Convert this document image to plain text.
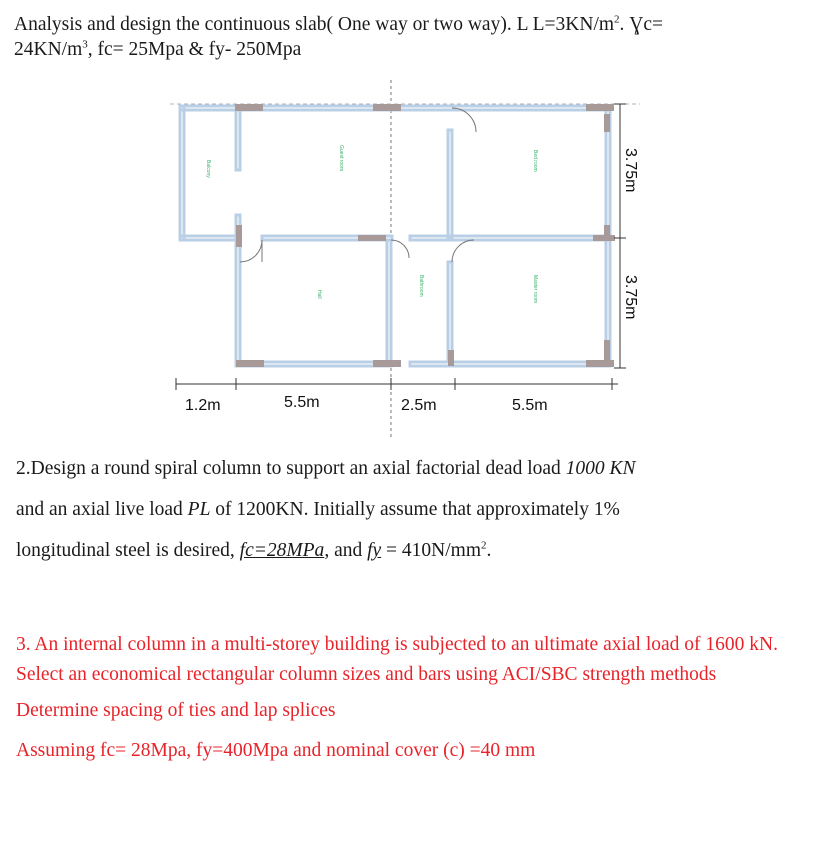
Analysis and design the continuous slab( One way or two way). L $L=3KN/m^2$. Ɣc=
$24KN/m^3$, fc= 25Mpa & fy- 250Mpa
Balcony	Guest room	Bed room
Hall	Bathroom	Master room
1.2m	5.5m	2.5m	5.5m
3.75m
3.75m

2.Design a round spiral column to support an axial factorial dead load 1000 KN

and an axial live load PL of 1200KN. Initially assume that approximately 1%

longitudinal steel is desired, fc=28MPa, and fy = $410N/mm^2$.

3. An internal column in a multi-storey building is subjected to an ultimate axial load of 1600 kN. Select an economical rectangular column sizes and bars using ACI/SBC strength methods

Determine spacing of ties and lap splices

Assuming fc= 28Mpa, fy=400Mpa and nominal cover (c) =40 mm
